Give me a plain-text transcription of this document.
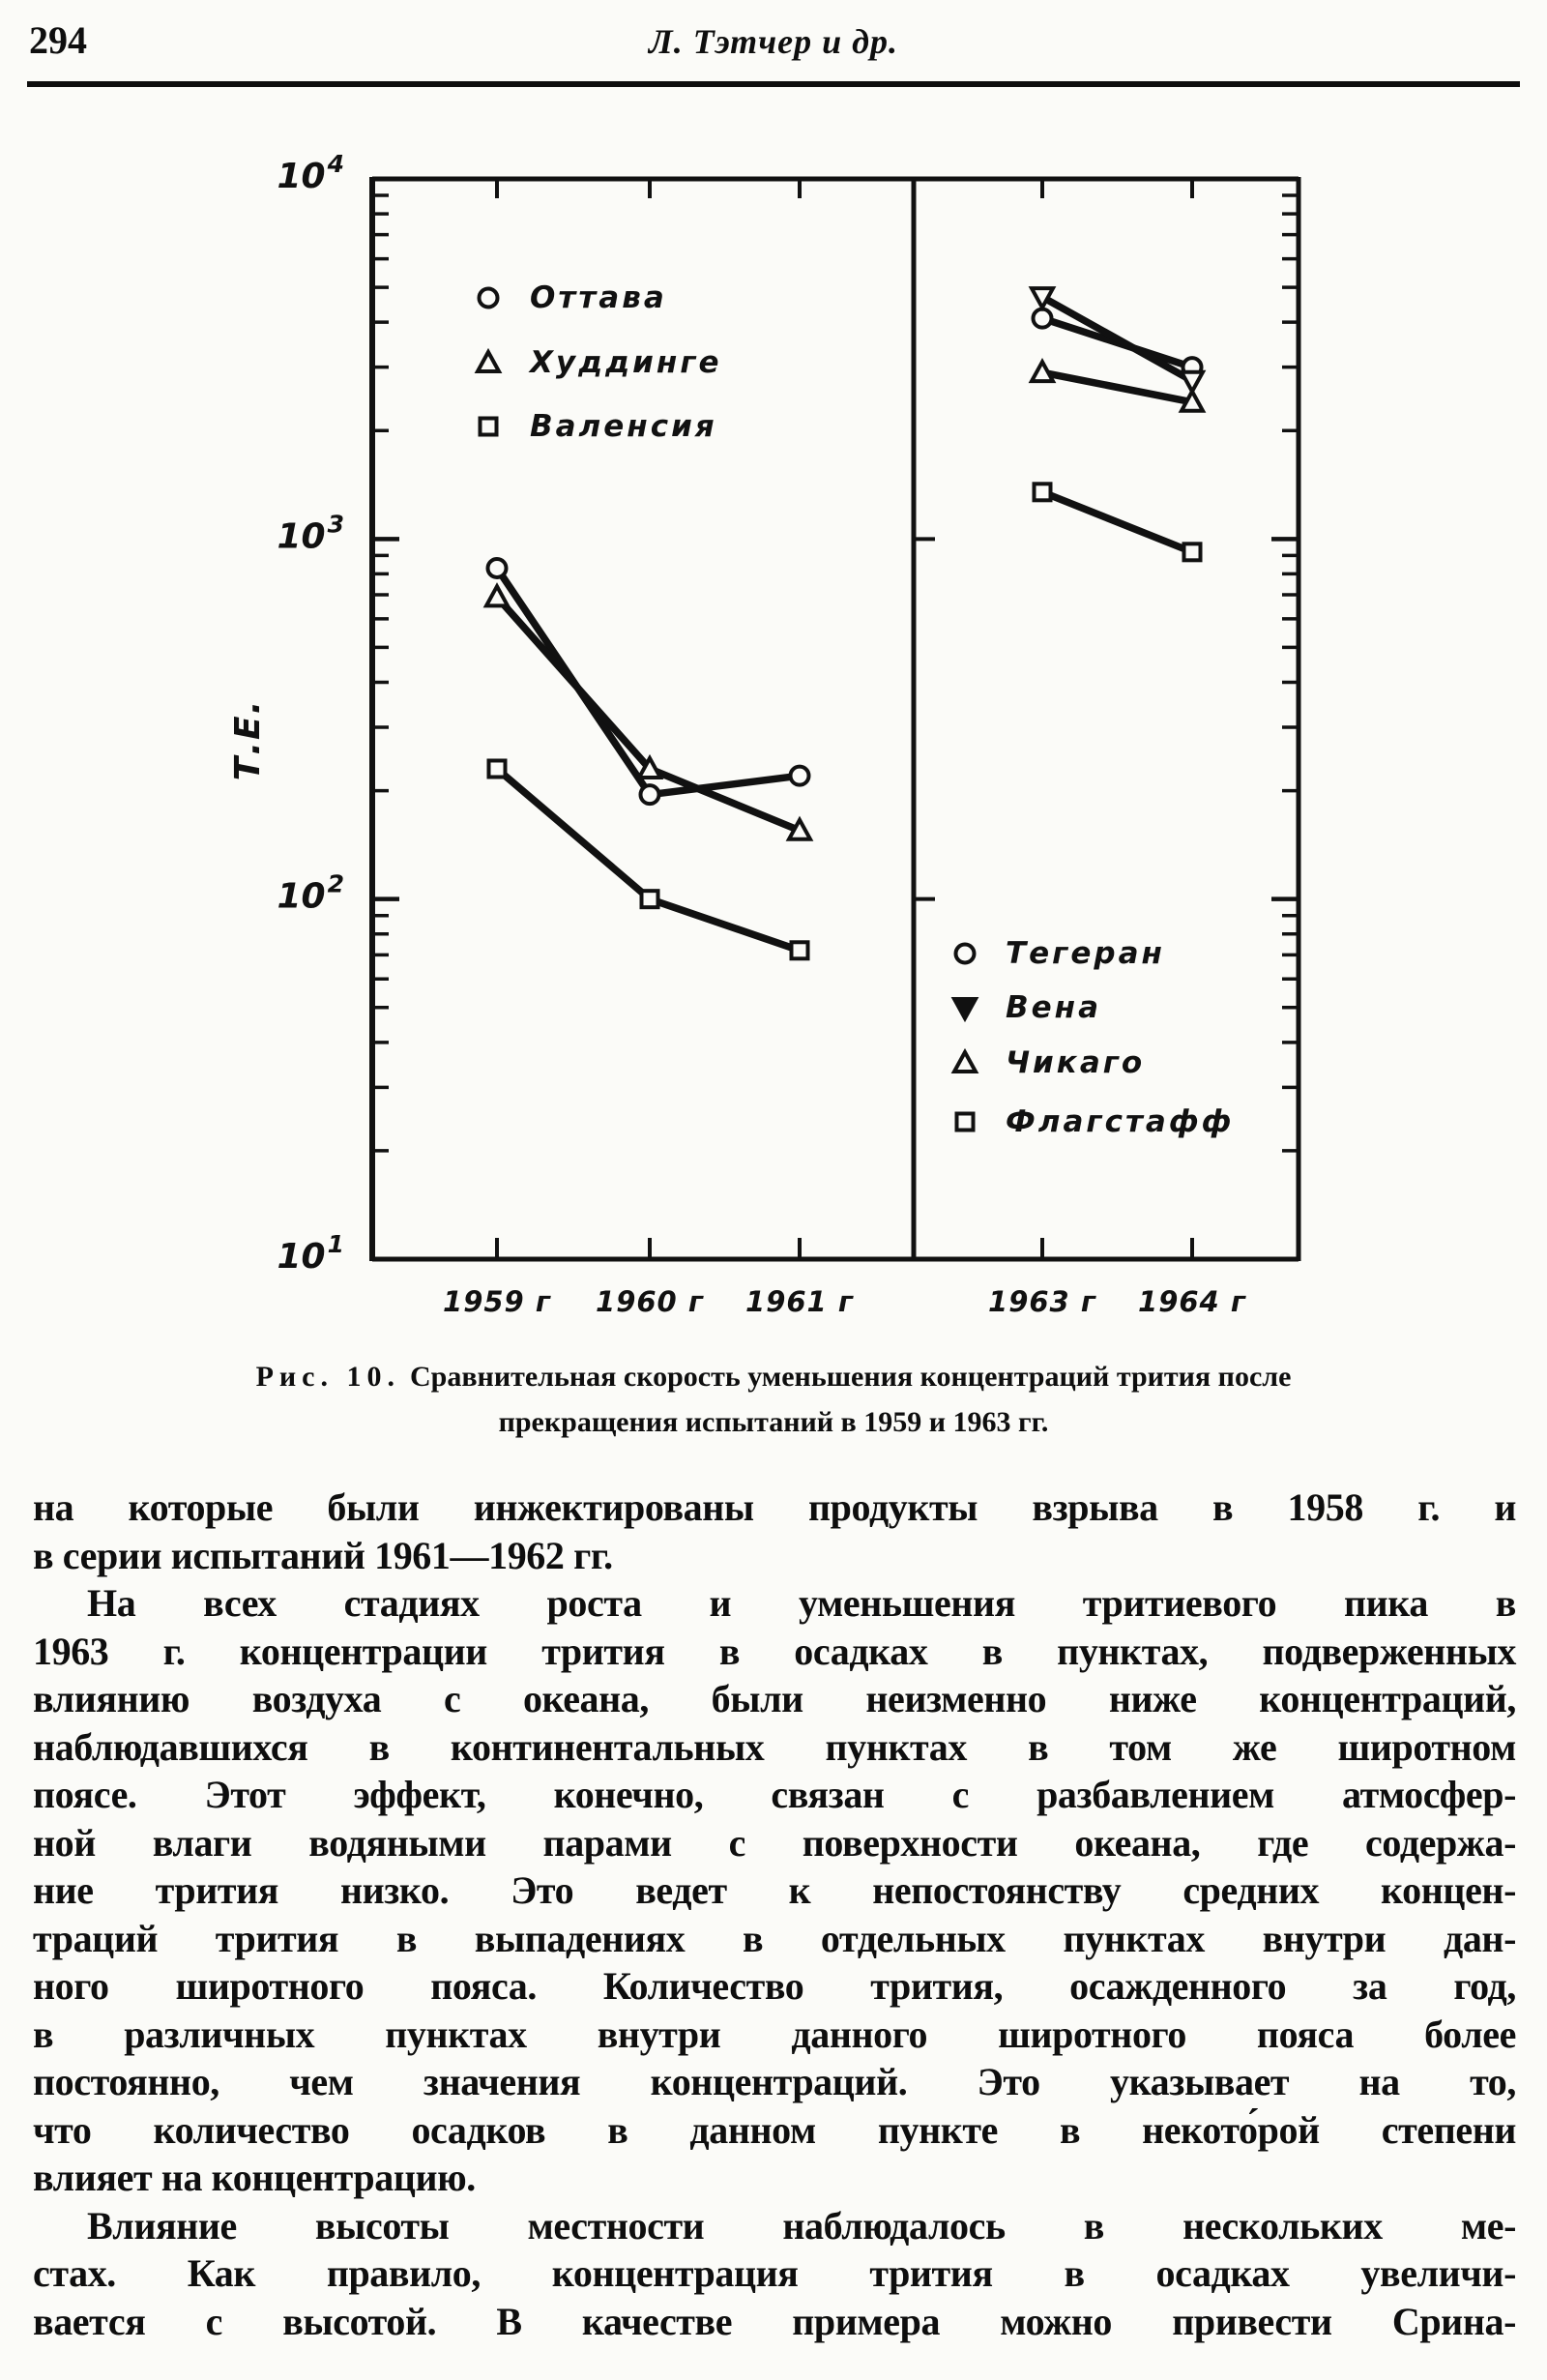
294	Л. Тэтчер и др.
$10^4$
$10^3$
$10^2$
$10^1$
Т.Е.
1959 г 1960 г 1961 г
Оттава
Худдинге
Валенсия
1963 г 1964 г
Тегеран
Вена
Чикаго
Флагстафф
Рис. 10. Сравнительная скорость уменьшения концентраций трития после
прекращения испытаний в 1959 и 1963 гг.
на которые были инжектированы продукты взрыва в 1958 г. и
в серии испытаний 1961—1962 гг.
На всех стадиях роста и уменьшения тритиевого пика в
1963 г. концентрации трития в осадках в пунктах, подверженных
влиянию воздуха с океана, были неизменно ниже концентраций,
наблюдавшихся в континентальных пунктах в том же широтном
поясе. Этот эффект, конечно, связан с разбавлением атмосфер-
ной влаги водяными парами с поверхности океана, где содержа-
ние трития низко. Это ведет к непостоянству средних концен-
траций трития в выпадениях в отдельных пунктах внутри дан-
ного широтного пояса. Количество трития, осажденного за год,
в различных пунктах внутри данного широтного пояса более
постоянно, чем значения концентраций. Это указывает на то,
что количество осадков в данном пункте в некото́рой степени
влияет на концентрацию.
Влияние высоты местности наблюдалось в нескольких ме-
стах. Как правило, концентрация трития в осадках увеличи-
вается с высотой. В качестве примера можно привести Срина-
